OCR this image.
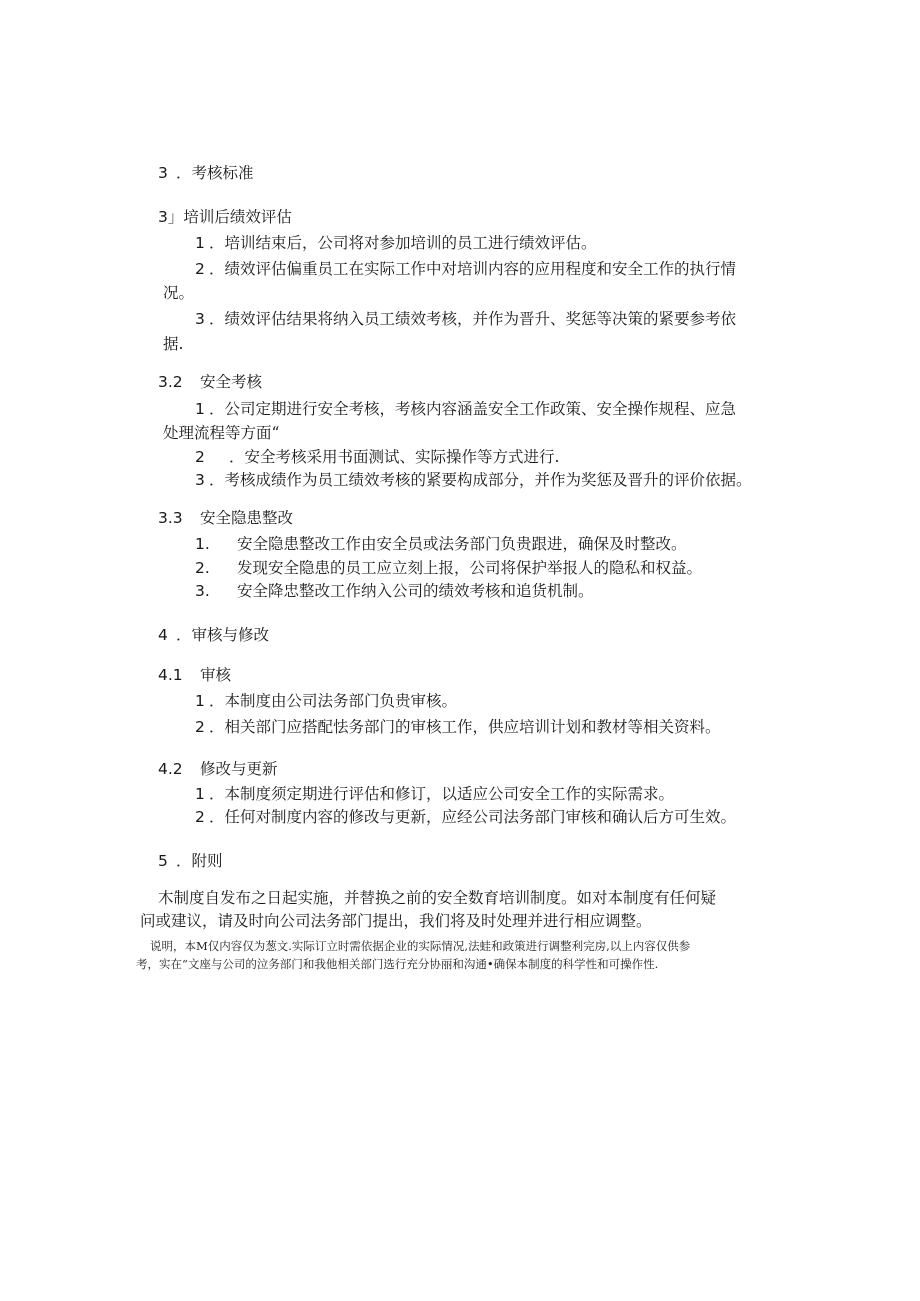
3 ．考核标准
3」培训后绩效评估
1 ．培训结束后，公司将对参加培训的员工进行绩效评估。
2 ．绩效评估偏重员工在实际工作中对培训内容的应用程度和安全工作的执行情
况。
3 ．绩效评估结果将纳入员工绩效考核，并作为晋升、奖惩等决策的紧要参考依
据.
3.2 安全考核
1 ．公司定期进行安全考核，考核内容涵盖安全工作政策、安全操作规程、应急
处理流程等方面“
2 ．安全考核采用书面测试、实际操作等方式进行.
3 ．考核成绩作为员工绩效考核的紧要构成部分，并作为奖惩及晋升的评价依据。
3.3 安全隐患整改
1. 安全隐患整改工作由安全员或法务部门负贵跟进，确保及时整改。
2. 发现安全隐患的员工应立刻上报，公司将保护举报人的隐私和权益。
3. 安全降忠整改工作纳入公司的绩效考核和追货机制。
4 ．审核与修改
4.1 审核
1 ．本制度由公司法务部门负贵审核。
2 ．相关部门应搭配怯务部门的审核工作，供应培训计划和教材等相关资料。
4.2 修改与更新
1 ．本制度须定期进行评估和修订，以适应公司安全工作的实际需求。
2 ．任何对制度内容的修改与更新，应经公司法务部门审核和确认后方可生效。
5 ．附则
木制度自发布之日起实施，并替换之前的安全数育培训制度。如对本制度有任何疑
问或建议，请及时向公司法务部门提出，我们将及时处理并进行相应调整。
说明，本M仅内容仅为葱文.实际订立时需依据企业的实际情况,法蛙和政策进行调整利完房,以上内容仅供参
考，实在“文座与公司的泣务部门和我他相关部门选行充分协丽和沟通•确保本制度的科学性和可操作性.
